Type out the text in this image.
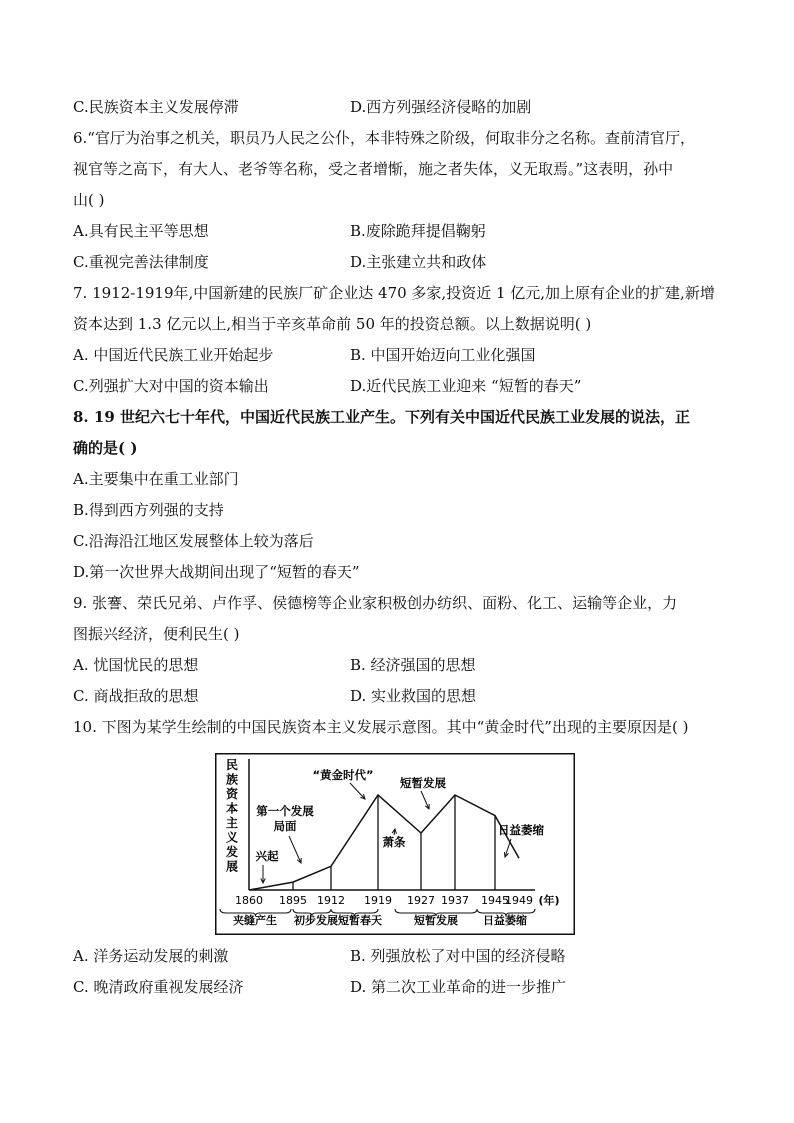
C.民族资本主义发展停滞	D.西方列强经济侵略的加剧
6.“官厅为治事之机关，职员乃人民之公仆，本非特殊之阶级，何取非分之名称。查前清官厅，
视官等之高下，有大人、老爷等名称，受之者增惭，施之者失体，义无取焉。”这表明，孙中
山( )
A.具有民主平等思想	B.废除跪拜提倡鞠躬
C.重视完善法律制度	D.主张建立共和政体
7. 1912-1919年,中国新建的民族厂矿企业达 470 多家,投资近 1 亿元,加上原有企业的扩建,新增
资本达到 1.3 亿元以上,相当于辛亥革命前 50 年的投资总额。以上数据说明( )
A. 中国近代民族工业开始起步	B. 中国开始迈向工业化强国
C.列强扩大对中国的资本输出	D.近代民族工业迎来 “短暂的春天”
8. 19 世纪六七十年代，中国近代民族工业产生。下列有关中国近代民族工业发展的说法，正
确的是( )
A.主要集中在重工业部门
B.得到西方列强的支持
C.沿海沿江地区发展整体上较为落后
D.第一次世界大战期间出现了“短暂的春天”
9. 张謇、荣氏兄弟、卢作孚、侯德榜等企业家积极创办纺织、面粉、化工、运输等企业，力
图振兴经济，便利民生( )
A. 忧国忧民的思想	B. 经济强国的思想
C. 商战拒敌的思想	D. 实业救国的思想
10. 下图为某学生绘制的中国民族资本主义发展示意图。其中“黄金时代”出现的主要原因是( )
民
族
资
本
主
义
发
展
1860 1895 1912 1919 1927 1937 1945
1949 (年)
“黄金时代”
短暂发展
第一个发展
局面
兴起
萧条
日益萎缩
夹缝产生 初步发展 短暂春天	短暂发展 日益萎缩
A. 洋务运动发展的刺激	B. 列强放松了对中国的经济侵略
C. 晚清政府重视发展经济	D. 第二次工业革命的进一步推广
